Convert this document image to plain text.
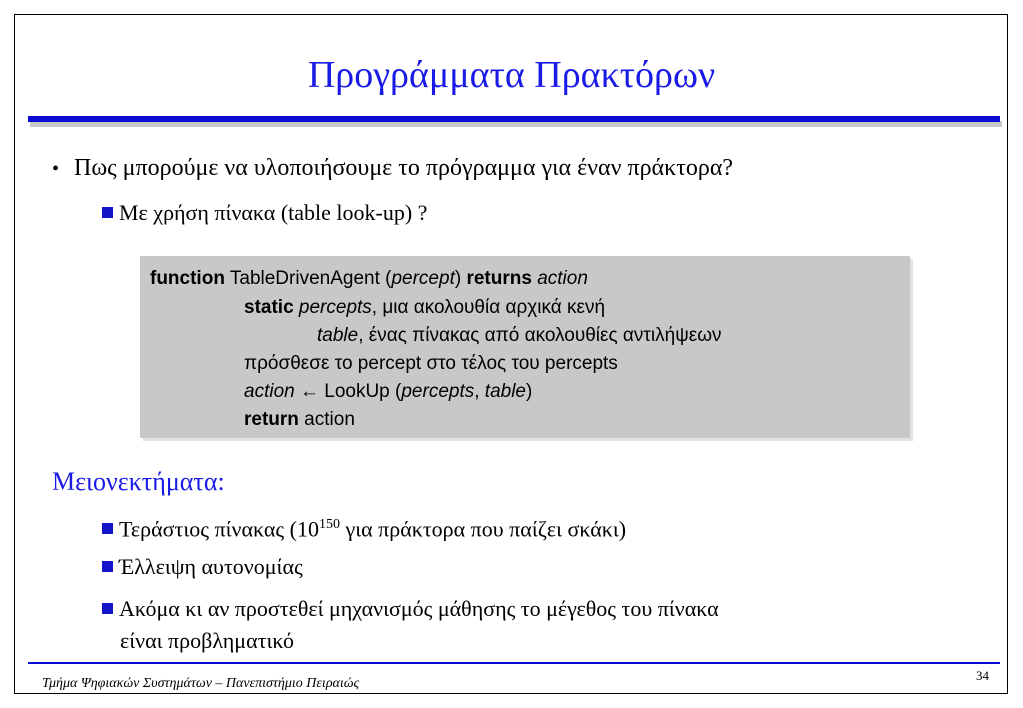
Προγράμματα Πρακτόρων
• Πως μπορούμε να υλοποιήσουμε το πρόγραμμα για έναν πράκτορα?
Με χρήση πίνακα (table look-up) ?
function TableDrivenAgent (percept) returns action
static percepts, μια ακολουθία αρχικά κενή
table, ένας πίνακας από ακολουθίες αντιλήψεων
πρόσθεσε το percept στο τέλος του percepts
action ← LookUp (percepts, table)
return action
Μειονεκτήματα:
Τεράστιος πίνακας ($10^{150}$ για πράκτορα που παίζει σκάκι)
Έλλειψη αυτονομίας
Ακόμα κι αν προστεθεί μηχανισμός μάθησης το μέγεθος του πίνακα
είναι προβληματικό
Τμήμα Ψηφιακών Συστημάτων – Πανεπιστήμιο Πειραιώς
34
